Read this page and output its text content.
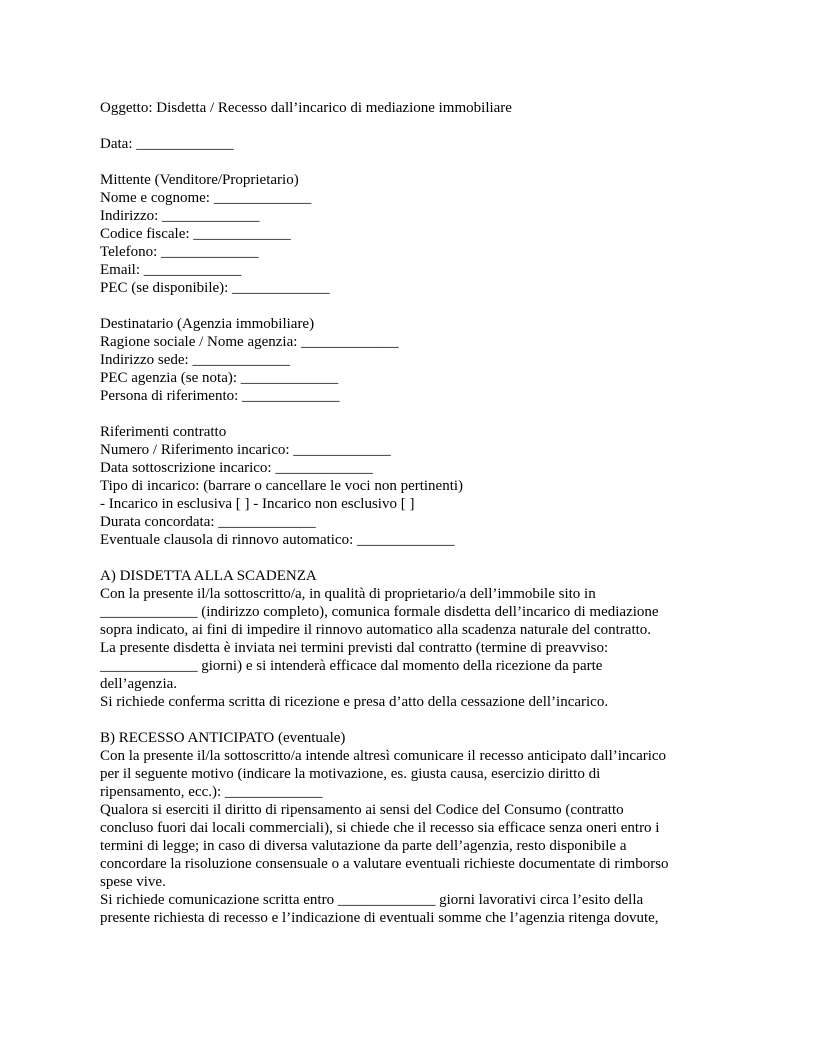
Oggetto: Disdetta / Recesso dall’incarico di mediazione immobiliare
Data: _____________
Mittente (Venditore/Proprietario)
Nome e cognome: _____________
Indirizzo: _____________
Codice fiscale: _____________
Telefono: _____________
Email: _____________
PEC (se disponibile): _____________
Destinatario (Agenzia immobiliare)
Ragione sociale / Nome agenzia: _____________
Indirizzo sede: _____________
PEC agenzia (se nota): _____________
Persona di riferimento: _____________
Riferimenti contratto
Numero / Riferimento incarico: _____________
Data sottoscrizione incarico: _____________
Tipo di incarico: (barrare o cancellare le voci non pertinenti)
- Incarico in esclusiva [ ] - Incarico non esclusivo [ ]
Durata concordata: _____________
Eventuale clausola di rinnovo automatico: _____________
A) DISDETTA ALLA SCADENZA
Con la presente il/la sottoscritto/a, in qualità di proprietario/a dell’immobile sito in
_____________ (indirizzo completo), comunica formale disdetta dell’incarico di mediazione
sopra indicato, ai fini di impedire il rinnovo automatico alla scadenza naturale del contratto.
La presente disdetta è inviata nei termini previsti dal contratto (termine di preavviso:
_____________ giorni) e si intenderà efficace dal momento della ricezione da parte
dell’agenzia.
Si richiede conferma scritta di ricezione e presa d’atto della cessazione dell’incarico.
B) RECESSO ANTICIPATO (eventuale)
Con la presente il/la sottoscritto/a intende altresì comunicare il recesso anticipato dall’incarico
per il seguente motivo (indicare la motivazione, es. giusta causa, esercizio diritto di
ripensamento, ecc.): _____________
Qualora si eserciti il diritto di ripensamento ai sensi del Codice del Consumo (contratto
concluso fuori dai locali commerciali), si chiede che il recesso sia efficace senza oneri entro i
termini di legge; in caso di diversa valutazione da parte dell’agenzia, resto disponibile a
concordare la risoluzione consensuale o a valutare eventuali richieste documentate di rimborso
spese vive.
Si richiede comunicazione scritta entro _____________ giorni lavorativi circa l’esito della
presente richiesta di recesso e l’indicazione di eventuali somme che l’agenzia ritenga dovute,
